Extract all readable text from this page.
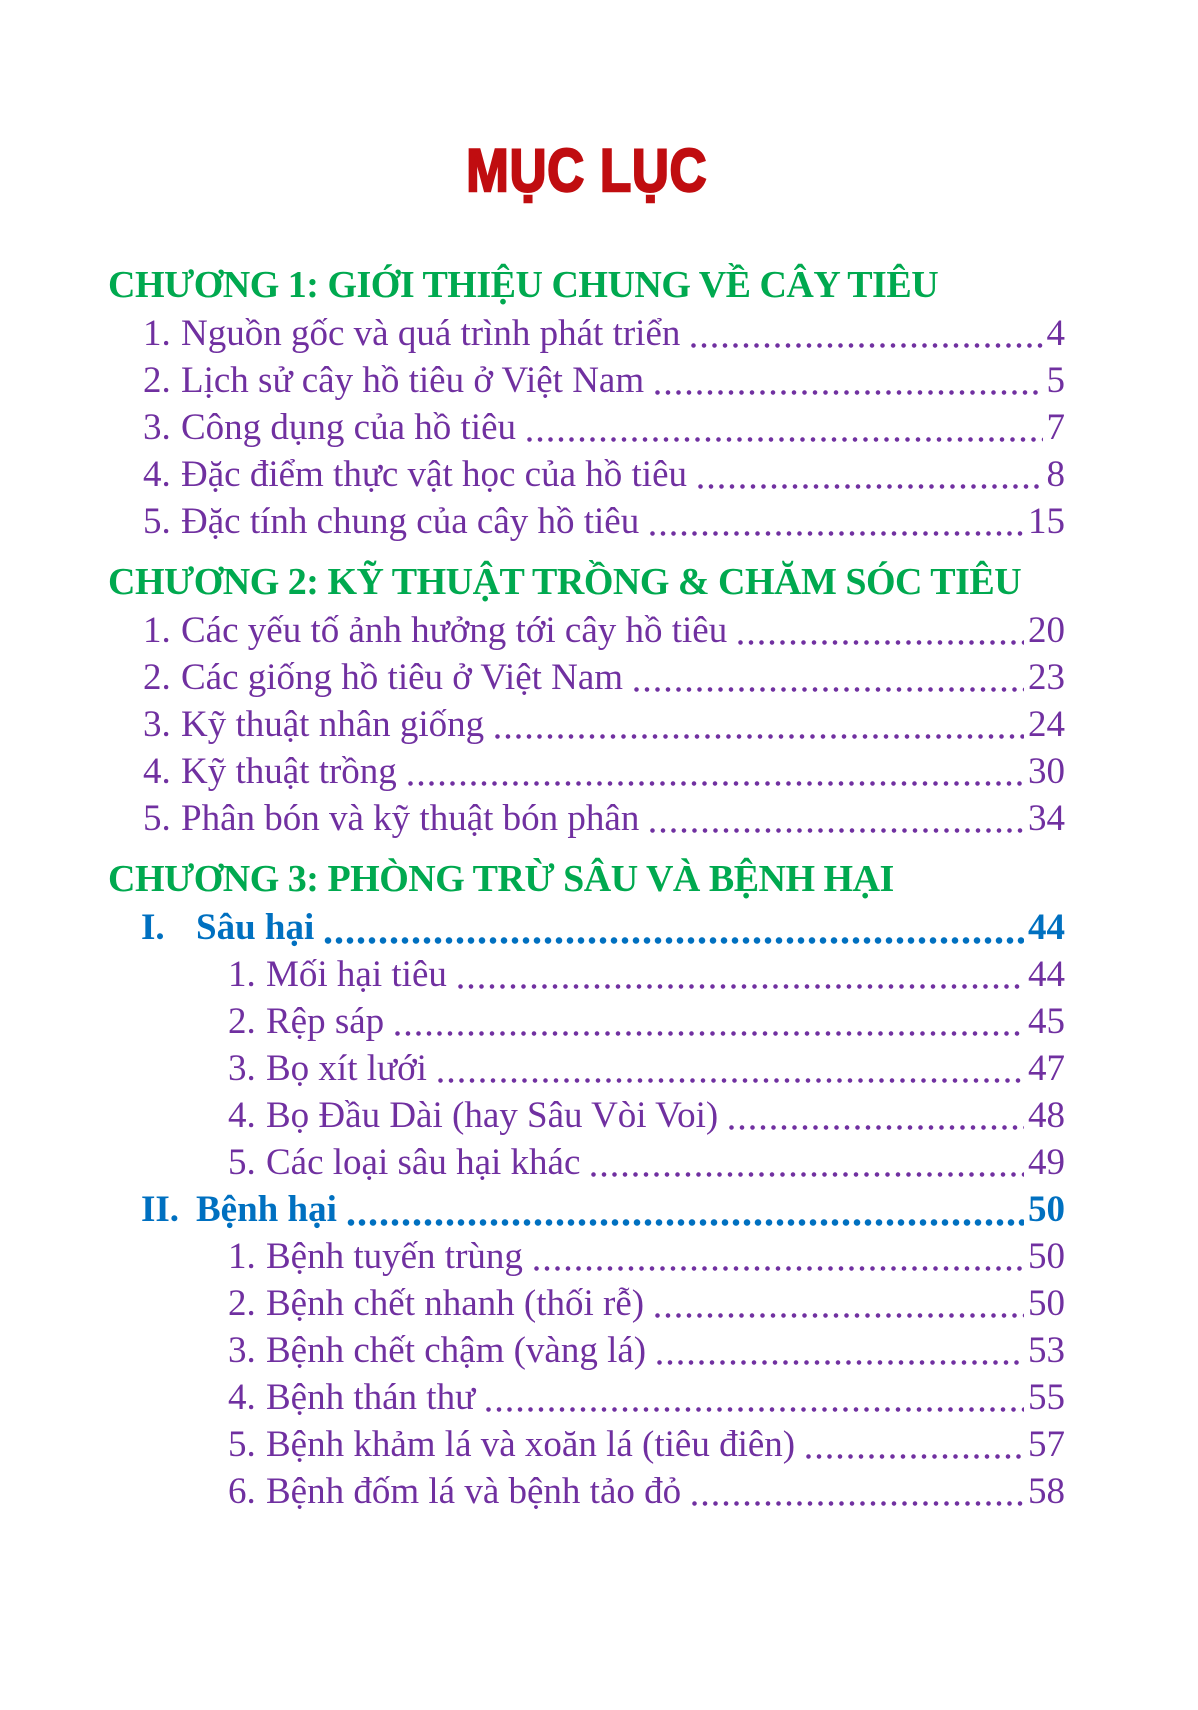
MỤC LỤC
CHƯƠNG 1: GIỚI THIỆU CHUNG VỀ CÂY TIÊU
1. Nguồn gốc và quá trình phát triển	4
2. Lịch sử cây hồ tiêu ở Việt Nam	5
3. Công dụng của hồ tiêu	7
4. Đặc điểm thực vật học của hồ tiêu	8
5. Đặc tính chung của cây hồ tiêu	15
CHƯƠNG 2: KỸ THUẬT TRỒNG & CHĂM SÓC TIÊU
1. Các yếu tố ảnh hưởng tới cây hồ tiêu	20
2. Các giống hồ tiêu ở Việt Nam	23
3. Kỹ thuật nhân giống	24
4. Kỹ thuật trồng	30
5. Phân bón và kỹ thuật bón phân	34
CHƯƠNG 3: PHÒNG TRỪ SÂU VÀ BỆNH HẠI
I. Sâu hại	44
1. Mối hại tiêu	44
2. Rệp sáp	45
3. Bọ xít lưới	47
4. Bọ Đầu Dài (hay Sâu Vòi Voi)	48
5. Các loại sâu hại khác	49
II. Bệnh hại	50
1. Bệnh tuyến trùng	50
2. Bệnh chết nhanh (thối rễ)	50
3. Bệnh chết chậm (vàng lá)	53
4. Bệnh thán thư	55
5. Bệnh khảm lá và xoăn lá (tiêu điên)	57
6. Bệnh đốm lá và bệnh tảo đỏ	58
